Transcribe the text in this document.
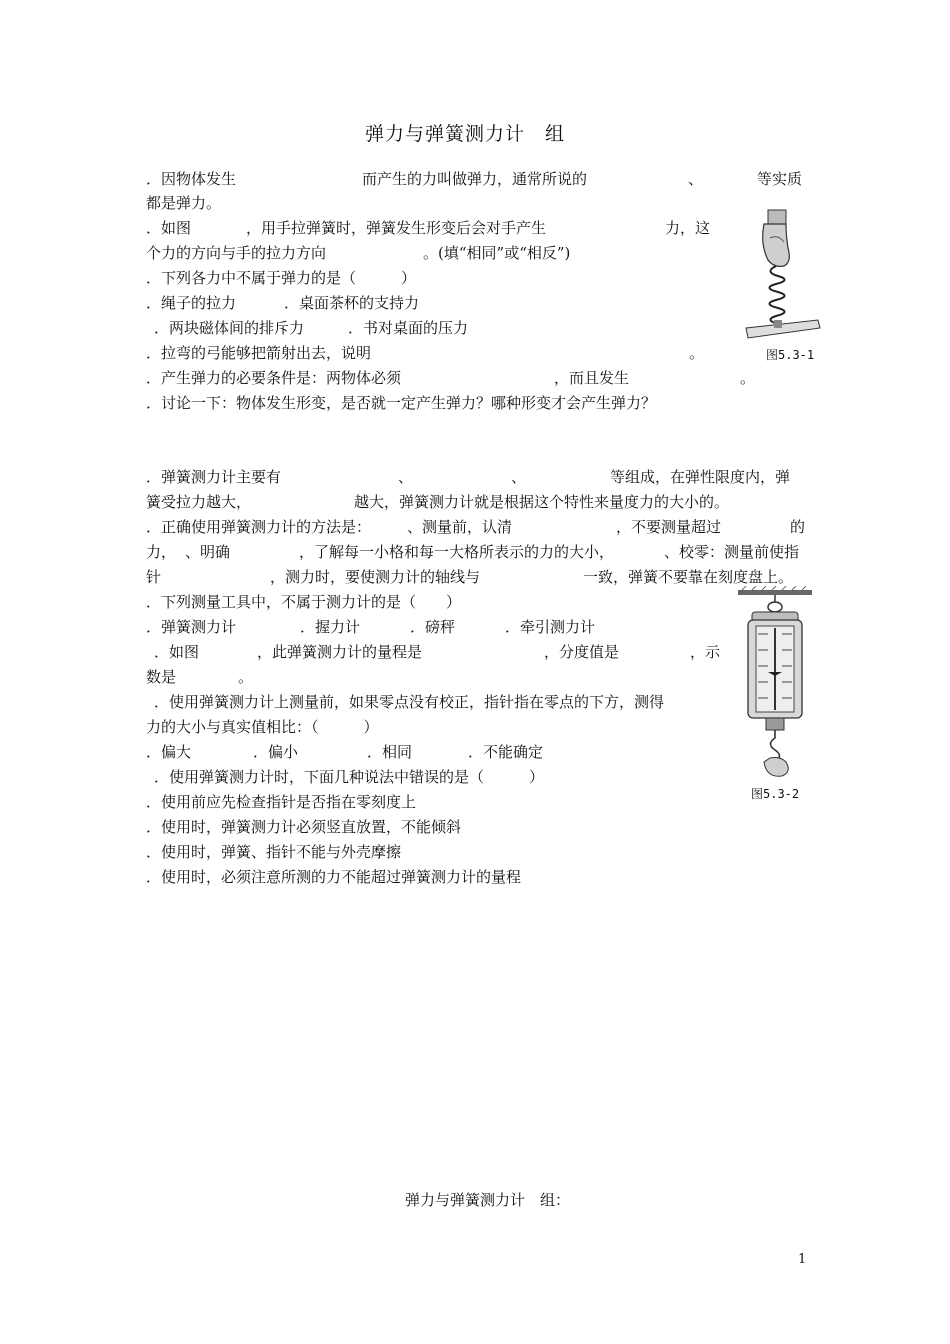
弹力与弹簧测力计　组
．因物体发生	而产生的力叫做弹力，通常所说的	、	等实质
都是弹力。
．如图	，用手拉弹簧时，弹簧发生形变后会对手产生	力，这
个力的方向与手的拉力方向	。(填“相同”或“相反”)
．下列各力中不属于弹力的是（　　　）
．绳子的拉力	．桌面茶杯的支持力
．两块磁体间的排斥力	．书对桌面的压力
．拉弯的弓能够把箭射出去，说明	。
．产生弹力的必要条件是：两物体必须	，而且发生	。
．讨论一下：物体发生形变，是否就一定产生弹力？哪种形变才会产生弹力？
图5.3-1
．弹簧测力计主要有	、	、	等组成，在弹性限度内，弹
簧受拉力越大，	越大，弹簧测力计就是根据这个特性来量度力的大小的。
．正确使用弹簧测力计的方法是： 、测量前，认清	，不要测量超过	的
力， 、明确	，了解每一小格和每一大格所表示的力的大小，	、校零：测量前使指
针	，测力时，要使测力计的轴线与	一致，弹簧不要靠在刻度盘上。
．下列测量工具中，不属于测力计的是（　　）
．弹簧测力计	．握力计	．磅秤	．牵引测力计
．如图	，此弹簧测力计的量程是	，分度值是	，示
数是	。
．使用弹簧测力计上测量前，如果零点没有校正，指针指在零点的下方，测得
力的大小与真实值相比：（　　　）
．偏大	．偏小	．相同	．不能确定
．使用弹簧测力计时，下面几种说法中错误的是（　　　）
．使用前应先检查指针是否指在零刻度上
．使用时，弹簧测力计必须竖直放置，不能倾斜
．使用时，弹簧、指针不能与外壳摩擦
．使用时，必须注意所测的力不能超过弹簧测力计的量程
图5.3-2
弹力与弹簧测力计　组：
1
